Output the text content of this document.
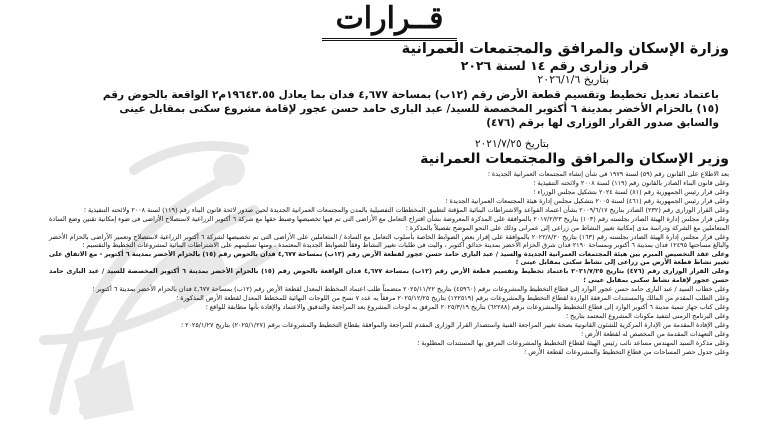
قــرارات
وزارة الإسكان والمرافق والمجتمعات العمرانية
قرار وزارى رقم ١٤ لسنة ٢٠٢٦
بتاريخ ٢٠٢٦/١/٦
باعتماد تعديل تخطيط وتقسيم قطعة الأرض رقم (١٢ب) بمساحة ٤,٦٧٧ فدان بما يعادل ١٩٦٤٣.٥٥م٢ الواقعة بالحوض رقم (١٥) بالحزام الأخضر بمدينة ٦ أكتوبر المخصصة للسيد/ عبد البارى حامد حسن عجور لإقامة مشروع سكنى بمقابل عينى والسابق صدور القرار الوزارى لها برقم (٤٧٦)
بتاريخ ٢٠٢١/٧/٢٥
وزير الإسكان والمرافق والمجتمعات العمرانية

بعد الاطلاع على القانون رقم (٥٩) لسنة ١٩٧٩ فى شأن إنشاء المجتمعات العمرانية الجديدة ؛

وعلى قانون البناء الصادر بالقانون رقم (١١٩) لسنة ٢٠٠٨ ولائحته التنفيذية ؛

وعلى قرار رئيس الجمهورية رقم (٨١) لسنة ٢٠٢٤ بتشكيل مجلس الوزراء ؛

وعلى قرار رئيس الجمهورية رقم (٤٦١) لسنة ٢٠٠٥ بتشكيل مجلس إدارة هيئة المجتمعات العمرانية الجديدة ؛

وعلى القرار الوزارى رقم (٢٣٢) الصادر بتاريخ ٢٠٠٩/٦/١٧ بشأن اعتماد القواعد والاشتراطات البنائية المؤقتة لتطبيق المخططات التفصيلية بالمدن والمجتمعات العمرانية الجديدة لحين صدور لائحة قانون البناء رقم (١١٩) لسنة ٢٠٠٨ ولائحته التنفيذية ؛

وعلى قرار مجلس إدارة الهيئة الصادر بجلسته رقم (١٠٣) بتاريخ ٢٠١٧/٢/٢٣ بالموافقة على المذكرة المعروضة بشأن اقتراح التعامل مع الأراضى التى تم فيها تخصيصها وضبط حقها مع شركة ٦ أكتوبر الزراعية لاستصلاح الأراضى فى ضوء إمكانية تقنين وضع السادة المتعاملين مع الشركة ودراسة مدى إمكانية تغيير النشاط من زراعى إلى عمرانى وذلك على النحو الموضح تفصيلاً بالمذكرة ؛

وعلى قرار مجلس إدارة الهيئة الصادر بجلسته رقم (١٦٣) بتاريخ ٢٠٢٢/٨/٢٠ بالموافقة على إقرار بعض الضوابط الخاصة بأسلوب التعامل مع السادة / المتعاملين على الأراضى التى تم تخصيصها لشركة ٦ أكتوبر الزراعية لاستصلاح وتعمير الأراضى بالحزام الأخضر والبالغ مساحتها ١٢٤٩٥ فدان بمدينة ٦ أكتوبر وبمساحة ٢١٩٠ فدان شرق الحزام الأخضر بمدينة حدائق أكتوبر ، والبت فى طلبات تغيير النشاط وفقاً للضوابط الجديدة المعتمدة ، ومنها تسليمهم على الاشتراطات البنائية لمشروعات التخطيط والتقسيم ؛

وعلى عقد التخصيص المبرم بين هيئة المجتمعات العمرانية الجديدة والسيد / عبد البارى حامد حسن عجور لقطعة الأرض رقم (١٢ب) بمساحة ٤,٦٧٧ فدان بالحوض رقم (١٥) بالحزام الأخضر بمدينة ٦ أكتوبر - مع الاتفاق على تغيير نشاط قطعة الأرض من زراعى إلى نشاط سكنى بمقابل عينى ؛

وعلى القرار الوزارى رقم (٤٧٦) بتاريخ ٢٠٢١/٧/٢٥ باعتماد تخطيط وتقسيم قطعة الأرض رقم (١٢ب) بمساحة ٤,٦٧٧ فدان الواقعة بالحوض رقم (١٥) بالحزام الأخضر بمدينة ٦ أكتوبر المخصصة للسيد / عبد البارى حامد حسن عجور لإقامة نشاط سكنى بمقابل عينى ؛

وعلى خطاب السيد / عبد البارى حامد حسن عجور الوارد إلى قطاع التخطيط والمشروعات برقم (٤٥٩٦٠) بتاريخ ٢٠٢٥/١١/٢٢ متضمناً طلب اعتماد المخطط المعدل لقطعة الأرض رقم (١٢ب) بمساحة ٤,٦٧٧ فدان بالحزام الأخضر بمدينة ٦ أكتوبر ؛

وعلى الطلب المقدم من المالك والمستندات المرفقة الواردة لقطاع التخطيط والمشروعات برقم (١٢٢٥١٩) بتاريخ ٢٠٢٥/١٢/٢٥ مرفقاً به عدد ٧ نسخ من اللوحات النهائية للمخطط المعدل لقطعة الأرض المذكورة ؛

وعلى كتاب جهاز تنمية مدينة ٦ أكتوبر الوارد إلى قطاع التخطيط والمشروعات برقم (٦٢٢٨٨) بتاريخ ٢٠٢٥/٣/١٩ المرفق به لوحات المشروع بعد المراجعة والتدقيق والاعتماد والإفادة بأنها مطابقة للواقع ؛

وعلى البرنامج الزمنى لتنفيذ مكونات المشروع المعتمد بتاريخ ؛

وعلى الإفادة المقدمة من الإدارة المركزية للشئون القانونية بصحة تغيير المراجعة الفنية واستصدار القرار الوزارى المقدم للمراجعة والموافقة بقطاع التخطيط والمشروعات برقم (٢٠٢٥/١/٢٧) بتاريخ ٢٠٢٥/١/٢٧ ؛

وعلى التعهدات المقدمة من المخصص له لقطعة الأرض ؛

وعلى مذكرة السيد المهندس مساعد نائب رئيس الهيئة لقطاع التخطيط والمشروعات المرفق بها المستندات المطلوبة ؛

وعلى جدول حصر المساحات من قطاع التخطيط والمشروعات لقطعة الأرض ؛
